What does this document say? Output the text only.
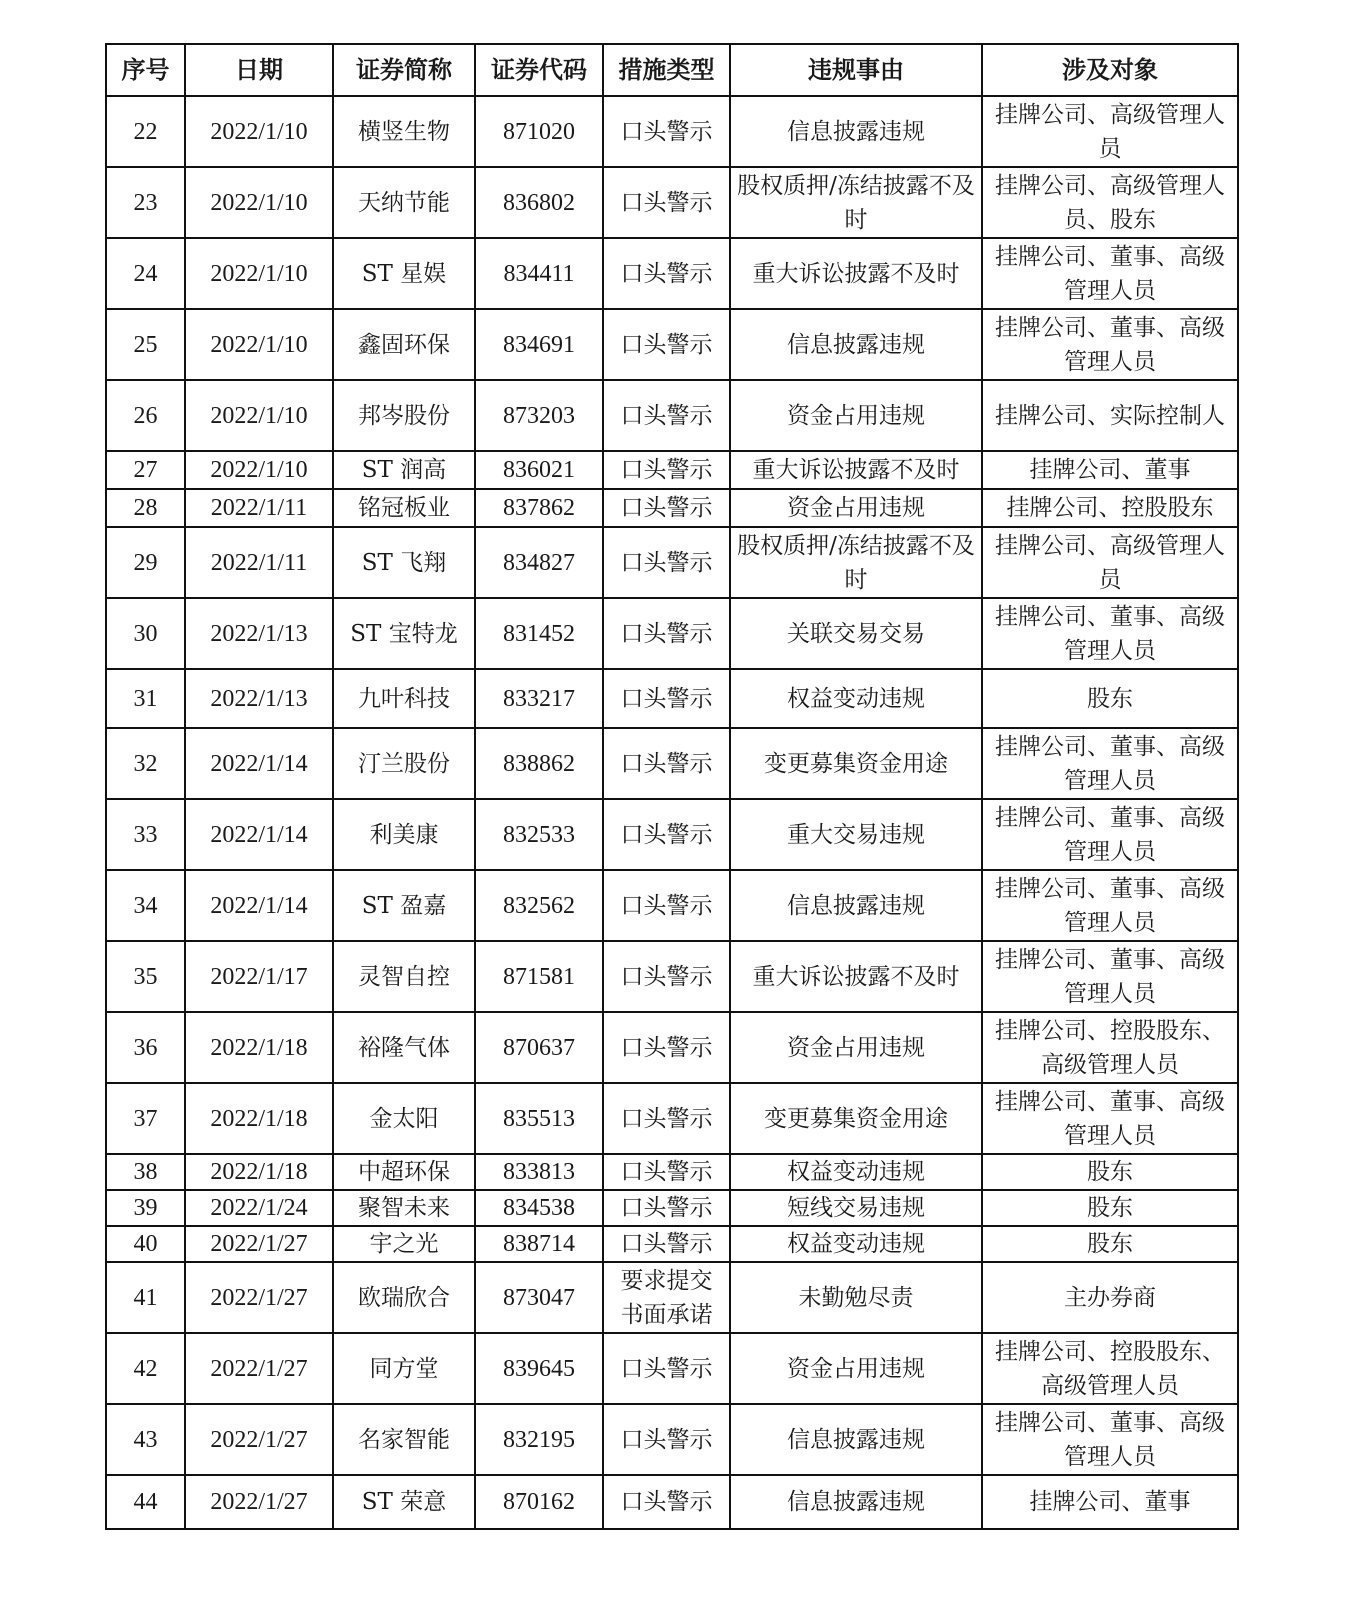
序号	日期	证券简称	证券代码	措施类型	违规事由	涉及对象
22	2022/1/10	横竖生物	871020	口头警示	信息披露违规	挂牌公司、高级管理人员
23	2022/1/10	天纳节能	836802	口头警示	股权质押/冻结披露不及时	挂牌公司、高级管理人员、股东
24	2022/1/10	ST 星娱	834411	口头警示	重大诉讼披露不及时	挂牌公司、董事、高级管理人员
25	2022/1/10	鑫固环保	834691	口头警示	信息披露违规	挂牌公司、董事、高级管理人员
26	2022/1/10	邦岑股份	873203	口头警示	资金占用违规	挂牌公司、实际控制人
27	2022/1/10	ST 润高	836021	口头警示	重大诉讼披露不及时	挂牌公司、董事
28	2022/1/11	铭冠板业	837862	口头警示	资金占用违规	挂牌公司、控股股东
29	2022/1/11	ST 飞翔	834827	口头警示	股权质押/冻结披露不及时	挂牌公司、高级管理人员
30	2022/1/13	ST 宝特龙	831452	口头警示	关联交易交易	挂牌公司、董事、高级管理人员
31	2022/1/13	九叶科技	833217	口头警示	权益变动违规	股东
32	2022/1/14	汀兰股份	838862	口头警示	变更募集资金用途	挂牌公司、董事、高级管理人员
33	2022/1/14	利美康	832533	口头警示	重大交易违规	挂牌公司、董事、高级管理人员
34	2022/1/14	ST 盈嘉	832562	口头警示	信息披露违规	挂牌公司、董事、高级管理人员
35	2022/1/17	灵智自控	871581	口头警示	重大诉讼披露不及时	挂牌公司、董事、高级管理人员
36	2022/1/18	裕隆气体	870637	口头警示	资金占用违规	挂牌公司、控股股东、高级管理人员
37	2022/1/18	金太阳	835513	口头警示	变更募集资金用途	挂牌公司、董事、高级管理人员
38	2022/1/18	中超环保	833813	口头警示	权益变动违规	股东
39	2022/1/24	聚智未来	834538	口头警示	短线交易违规	股东
40	2022/1/27	宇之光	838714	口头警示	权益变动违规	股东
41	2022/1/27	欧瑞欣合	873047	要求提交书面承诺	未勤勉尽责	主办券商
42	2022/1/27	同方堂	839645	口头警示	资金占用违规	挂牌公司、控股股东、高级管理人员
43	2022/1/27	名家智能	832195	口头警示	信息披露违规	挂牌公司、董事、高级管理人员
44	2022/1/27	ST 荣意	870162	口头警示	信息披露违规	挂牌公司、董事
